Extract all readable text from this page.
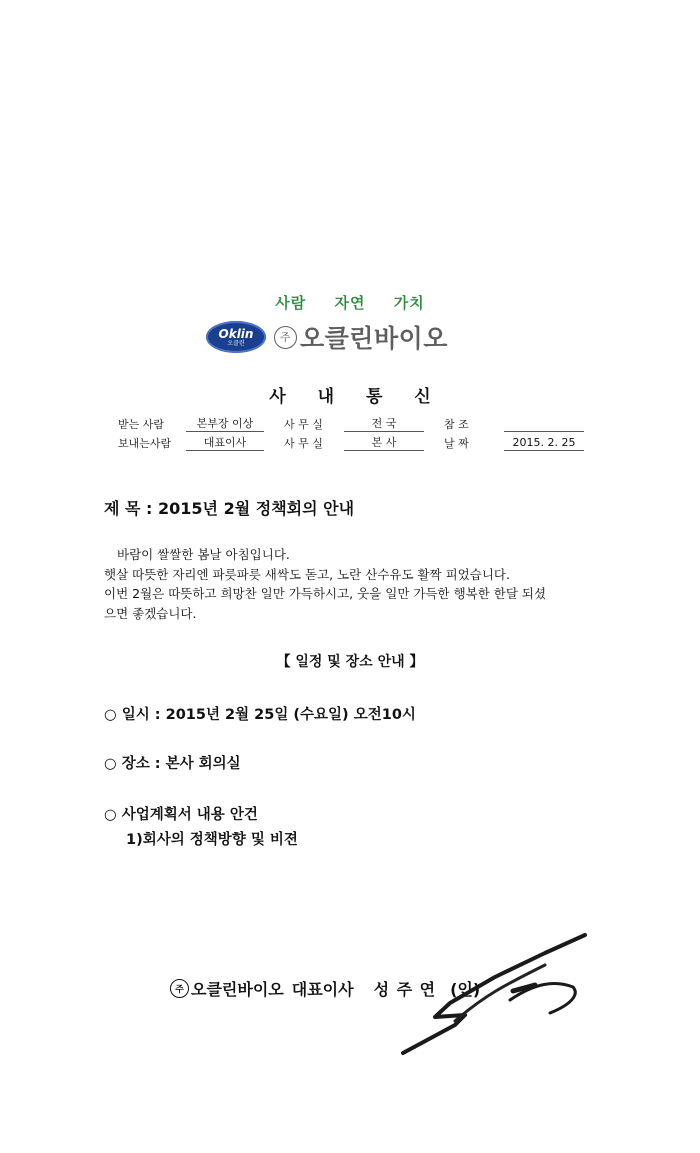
사람 자연 가치
Oklin
오클린	주 오클린바이오
사 내 통 신
받는 사람	본부장 이상	사 무 실	전 국	참 조
보내는사람	대표이사	사 무 실	본 사	날 짜	2015. 2. 25
제 목 : 2015년 2월 정책회의 안내
바람이 쌀쌀한 봄날 아침입니다.
햇살 따뜻한 자리엔 파릇파릇 새싹도 돋고, 노란 산수유도 활짝 피었습니다.
이번 2월은 따뜻하고 희망찬 일만 가득하시고, 웃을 일만 가득한 행복한 한달 되셨
으면 좋겠습니다.
【 일정 및 장소 안내 】
○ 일시 : 2015년 2월 25일 (수요일) 오전10시
○ 장소 : 본사 회의실
○ 사업계획서 내용 안건
1)회사의 정책방향 및 비젼
주 오클린바이오 대표이사 성 주 연 (인)
